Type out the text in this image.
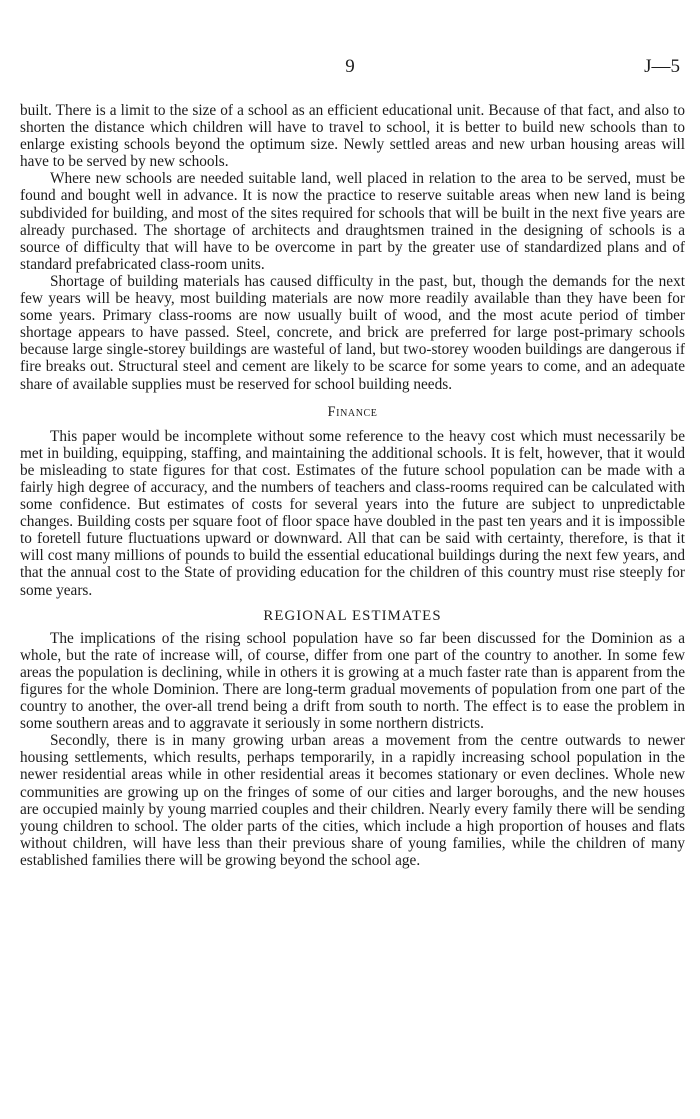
9	J—5

built. There is a limit to the size of a school as an efficient educational unit. Because of that fact, and also to shorten the distance which children will have to travel to school, it is better to build new schools than to enlarge existing schools beyond the optimum size. Newly settled areas and new urban housing areas will have to be served by new schools.

Where new schools are needed suitable land, well placed in relation to the area to be served, must be found and bought well in advance. It is now the practice to reserve suitable areas when new land is being subdivided for building, and most of the sites required for schools that will be built in the next five years are already purchased. The shortage of architects and draughtsmen trained in the designing of schools is a source of difficulty that will have to be overcome in part by the greater use of standardized plans and of standard prefabricated class-room units.

Shortage of building materials has caused difficulty in the past, but, though the demands for the next few years will be heavy, most building materials are now more readily available than they have been for some years. Primary class-rooms are now usually built of wood, and the most acute period of timber shortage appears to have passed. Steel, concrete, and brick are preferred for large post-primary schools because large single-storey buildings are wasteful of land, but two-storey wooden buildings are dangerous if fire breaks out. Structural steel and cement are likely to be scarce for some years to come, and an adequate share of available supplies must be reserved for school building needs.

Finance

This paper would be incomplete without some reference to the heavy cost which must necessarily be met in building, equipping, staffing, and maintaining the additional schools. It is felt, however, that it would be misleading to state figures for that cost. Estimates of the future school population can be made with a fairly high degree of accuracy, and the numbers of teachers and class-rooms required can be calculated with some confidence. But estimates of costs for several years into the future are subject to unpredictable changes. Building costs per square foot of floor space have doubled in the past ten years and it is impossible to foretell future fluctuations upward or downward. All that can be said with certainty, therefore, is that it will cost many millions of pounds to build the essential educational buildings during the next few years, and that the annual cost to the State of providing education for the children of this country must rise steeply for some years.

REGIONAL ESTIMATES

The implications of the rising school population have so far been discussed for the Dominion as a whole, but the rate of increase will, of course, differ from one part of the country to another. In some few areas the population is declining, while in others it is growing at a much faster rate than is apparent from the figures for the whole Dominion. There are long-term gradual movements of population from one part of the country to another, the over-all trend being a drift from south to north. The effect is to ease the problem in some southern areas and to aggravate it seriously in some northern districts.

Secondly, there is in many growing urban areas a movement from the centre outwards to newer housing settlements, which results, perhaps temporarily, in a rapidly increasing school population in the newer residential areas while in other residential areas it becomes stationary or even declines. Whole new communities are growing up on the fringes of some of our cities and larger boroughs, and the new houses are occupied mainly by young married couples and their children. Nearly every family there will be sending young children to school. The older parts of the cities, which include a high proportion of houses and flats without children, will have less than their previous share of young families, while the children of many established families there will be growing beyond the school age.
